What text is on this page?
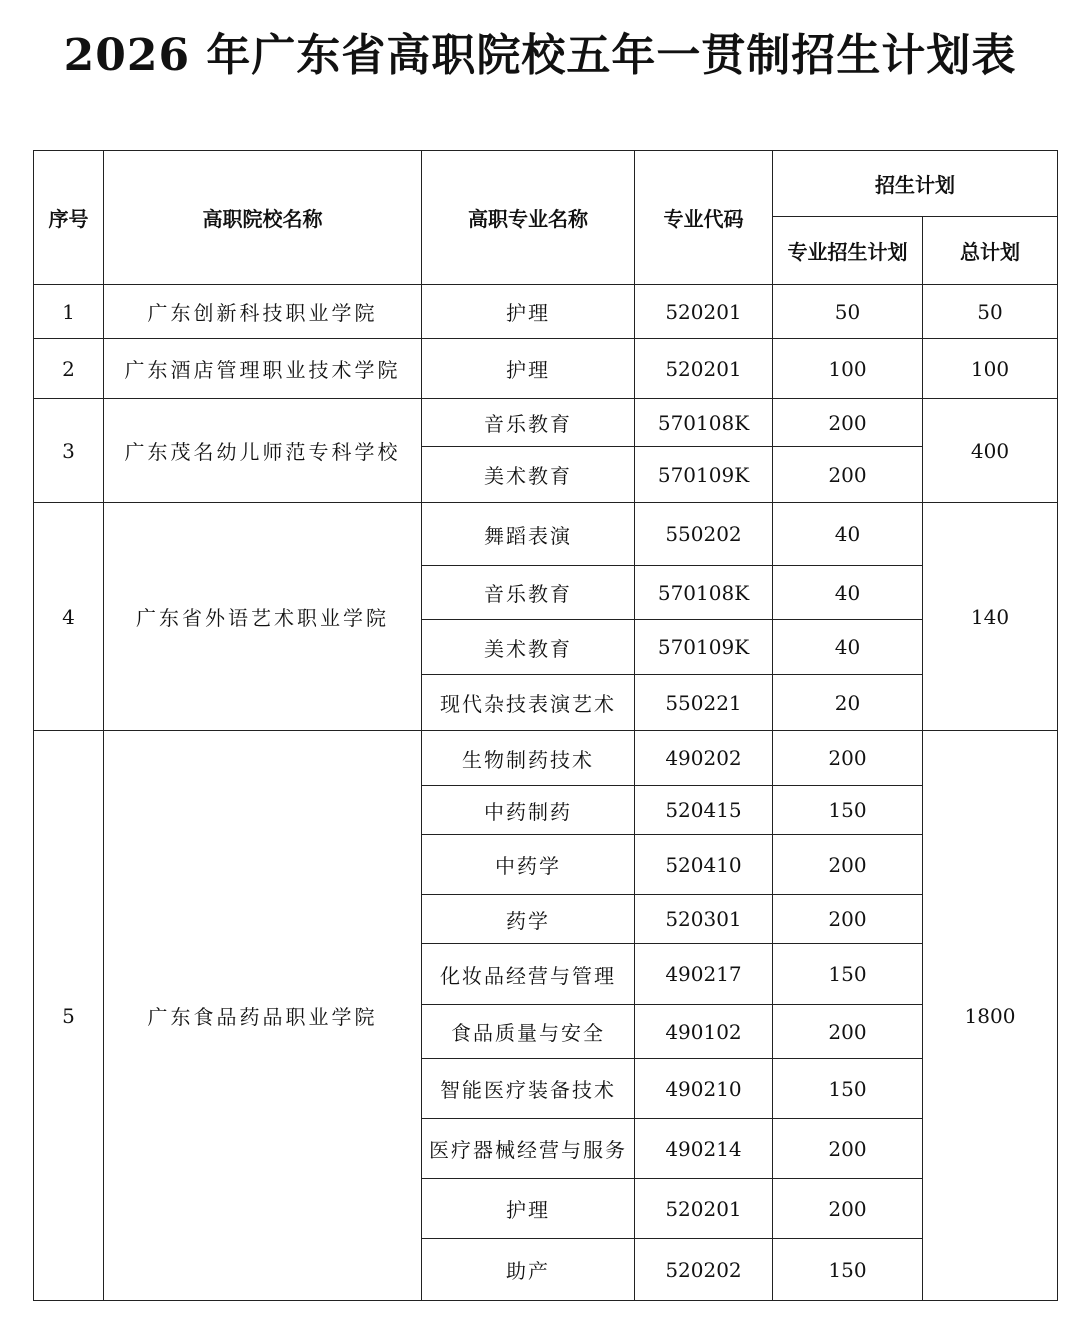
2026 年广东省高职院校五年一贯制招生计划表
序号	高职院校名称	高职专业名称	专业代码	招生计划	
				专业招生计划	总计划
1	广东创新科技职业学院	护理	520201	50	50
2	广东酒店管理职业技术学院	护理	520201	100	100
3	广东茂名幼儿师范专科学校	音乐教育	570108K	200	400
		美术教育	570109K	200	
4	广东省外语艺术职业学院	舞蹈表演	550202	40	140
		音乐教育	570108K	40	
		美术教育	570109K	40	
		现代杂技表演艺术	550221	20	
5	广东食品药品职业学院	生物制药技术	490202	200	1800
		中药制药	520415	150	
		中药学	520410	200	
		药学	520301	200	
		化妆品经营与管理	490217	150	
		食品质量与安全	490102	200	
		智能医疗装备技术	490210	150	
		医疗器械经营与服务	490214	200	
		护理	520201	200	
		助产	520202	150	
